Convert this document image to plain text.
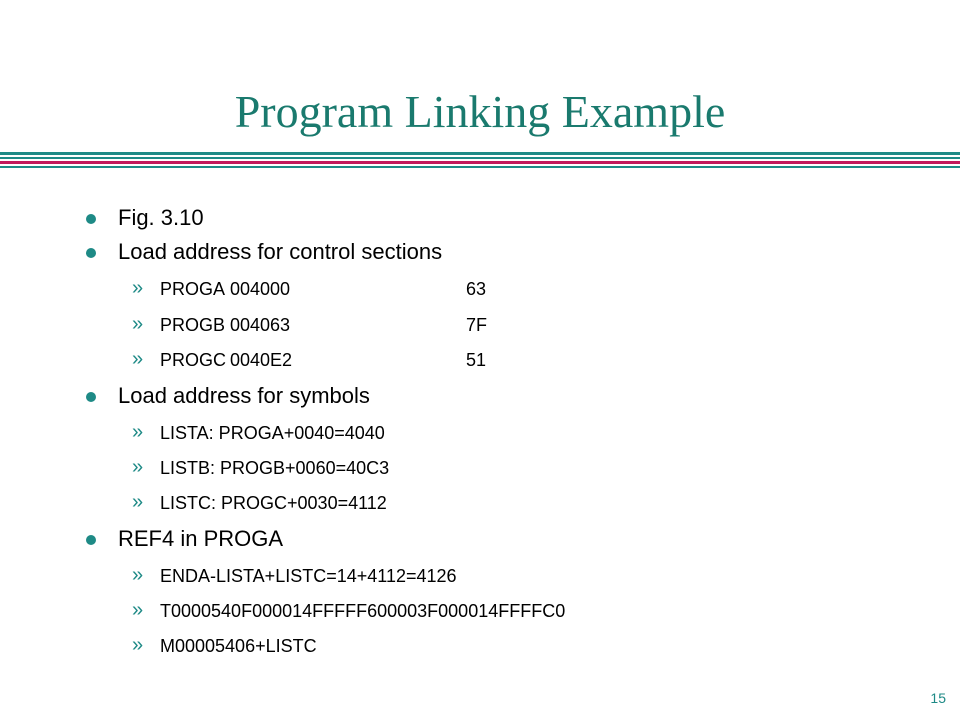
Program Linking Example
Fig. 3.10
Load address for control sections
» PROGA 004000	63
» PROGB 004063	7F
» PROGC 0040E2	51
Load address for symbols
» LISTA: PROGA+0040=4040
» LISTB: PROGB+0060=40C3
» LISTC: PROGC+0030=4112
REF4 in PROGA
» ENDA-LISTA+LISTC=14+4112=4126
» T0000540F000014FFFFF600003F000014FFFFC0
» M00005406+LISTC
15
